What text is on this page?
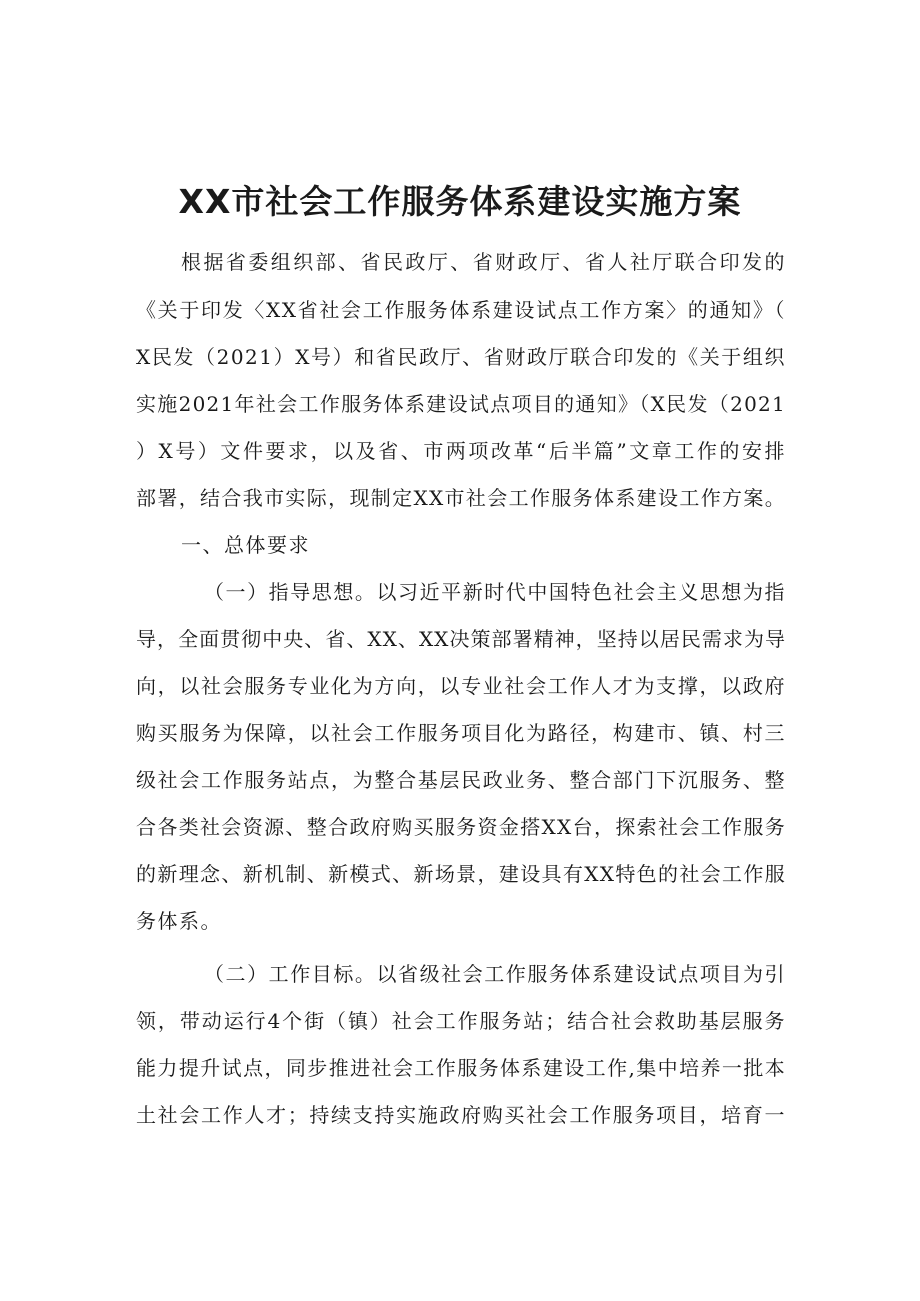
XX市社会工作服务体系建设实施方案
根据省委组织部、省民政厅、省财政厅、省人社厅联合印发的
《关于印发〈XX省社会工作服务体系建设试点工作方案〉的通知》（
X民发（2021）X号）和省民政厅、省财政厅联合印发的《关于组织
实施2021年社会工作服务体系建设试点项目的通知》（X民发（2021
）X号）文件要求，以及省、市两项改革“后半篇”文章工作的安排
部署，结合我市实际，现制定XX市社会工作服务体系建设工作方案。
一、总体要求
（一）指导思想。以习近平新时代中国特色社会主义思想为指
导，全面贯彻中央、省、XX、XX决策部署精神，坚持以居民需求为导
向，以社会服务专业化为方向，以专业社会工作人才为支撑，以政府
购买服务为保障，以社会工作服务项目化为路径，构建市、镇、村三
级社会工作服务站点，为整合基层民政业务、整合部门下沉服务、整
合各类社会资源、整合政府购买服务资金搭XX台，探索社会工作服务
的新理念、新机制、新模式、新场景，建设具有XX特色的社会工作服
务体系。
（二）工作目标。以省级社会工作服务体系建设试点项目为引
领，带动运行4个街（镇）社会工作服务站；结合社会救助基层服务
能力提升试点，同步推进社会工作服务体系建设工作,集中培养一批本
土社会工作人才；持续支持实施政府购买社会工作服务项目，培育一
